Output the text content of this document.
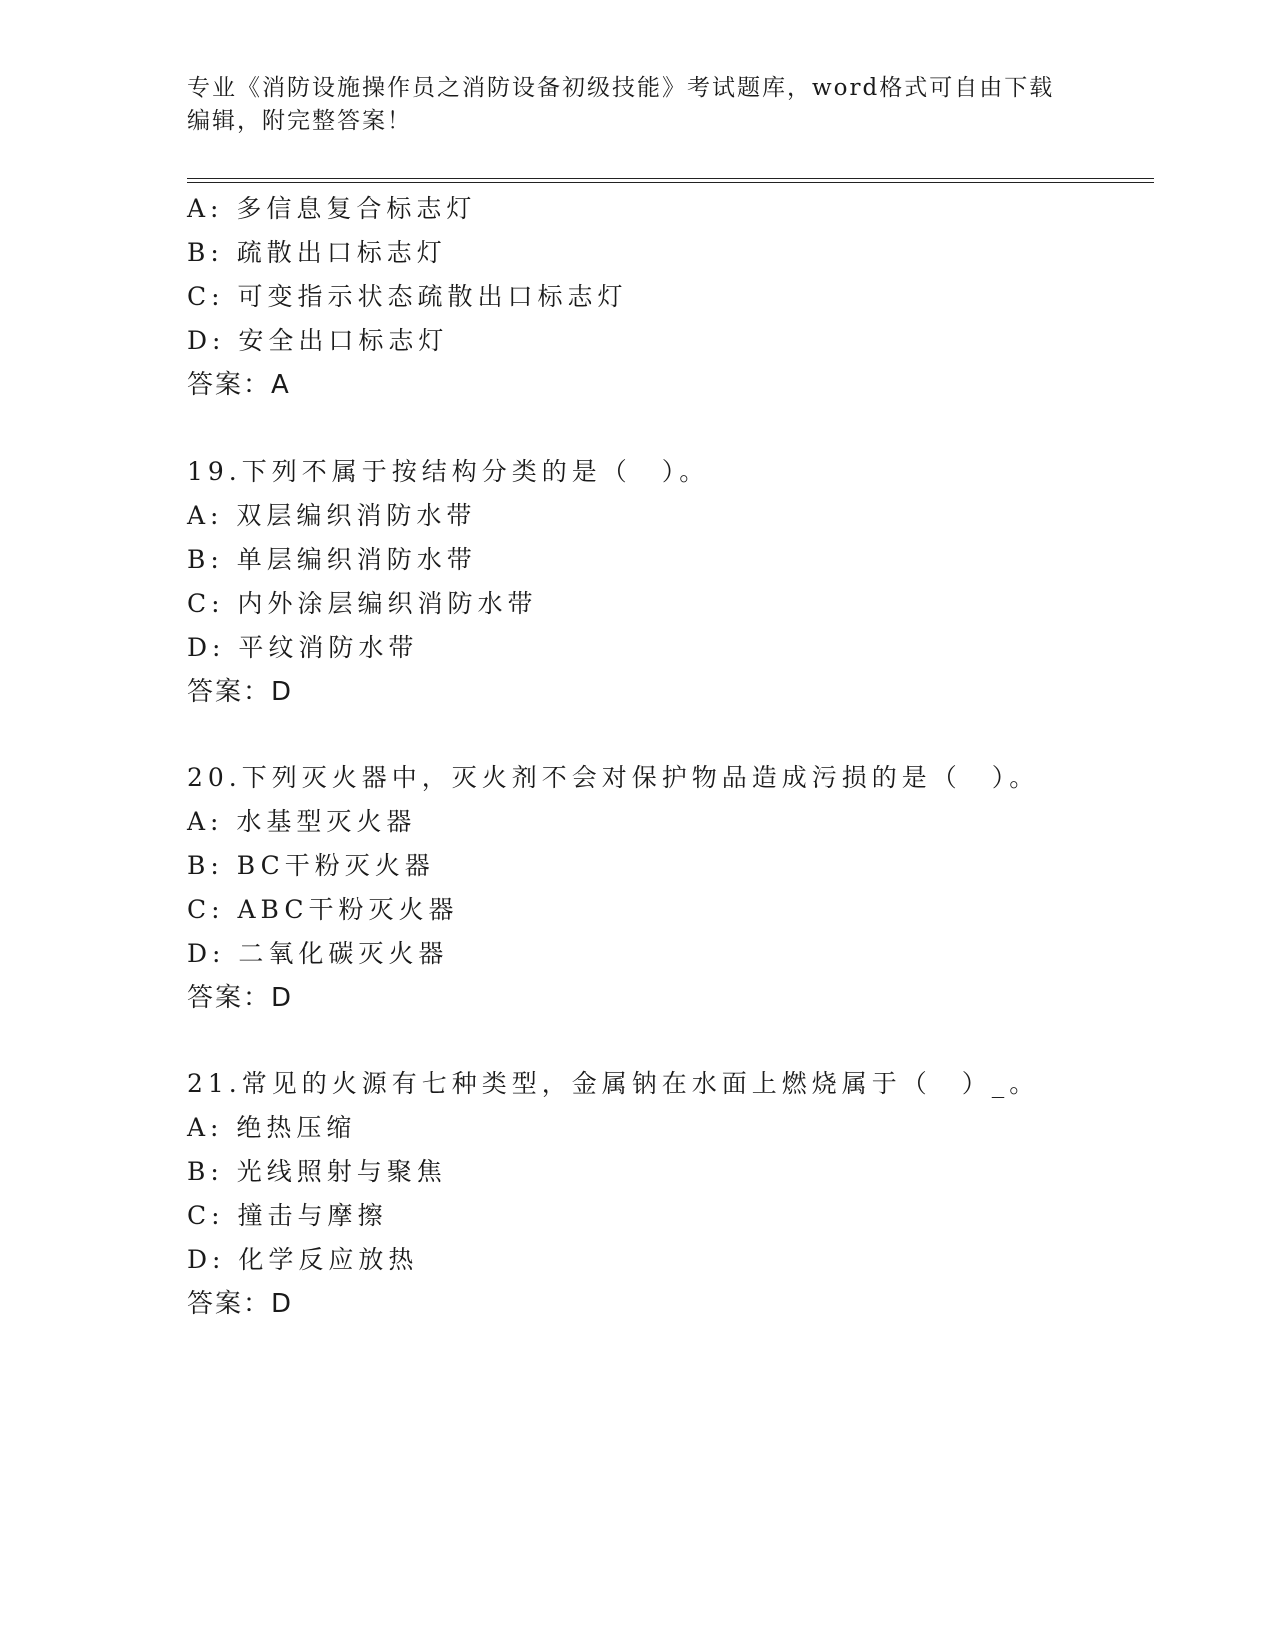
专业《消防设施操作员之消防设备初级技能》考试题库，word格式可自由下载编辑，附完整答案！
A: 多信息复合标志灯
B: 疏散出口标志灯
C: 可变指示状态疏散出口标志灯
D: 安全出口标志灯
答案：A
19.下列不属于按结构分类的是（　）。
A: 双层编织消防水带
B: 单层编织消防水带
C: 内外涂层编织消防水带
D: 平纹消防水带
答案：D
20.下列灭火器中，灭火剂不会对保护物品造成污损的是（　）。
A: 水基型灭火器
B: BC干粉灭火器
C: ABC干粉灭火器
D: 二氧化碳灭火器
答案：D
21.常见的火源有七种类型，金属钠在水面上燃烧属于（　）_。
A: 绝热压缩
B: 光线照射与聚焦
C: 撞击与摩擦
D: 化学反应放热
答案：D
